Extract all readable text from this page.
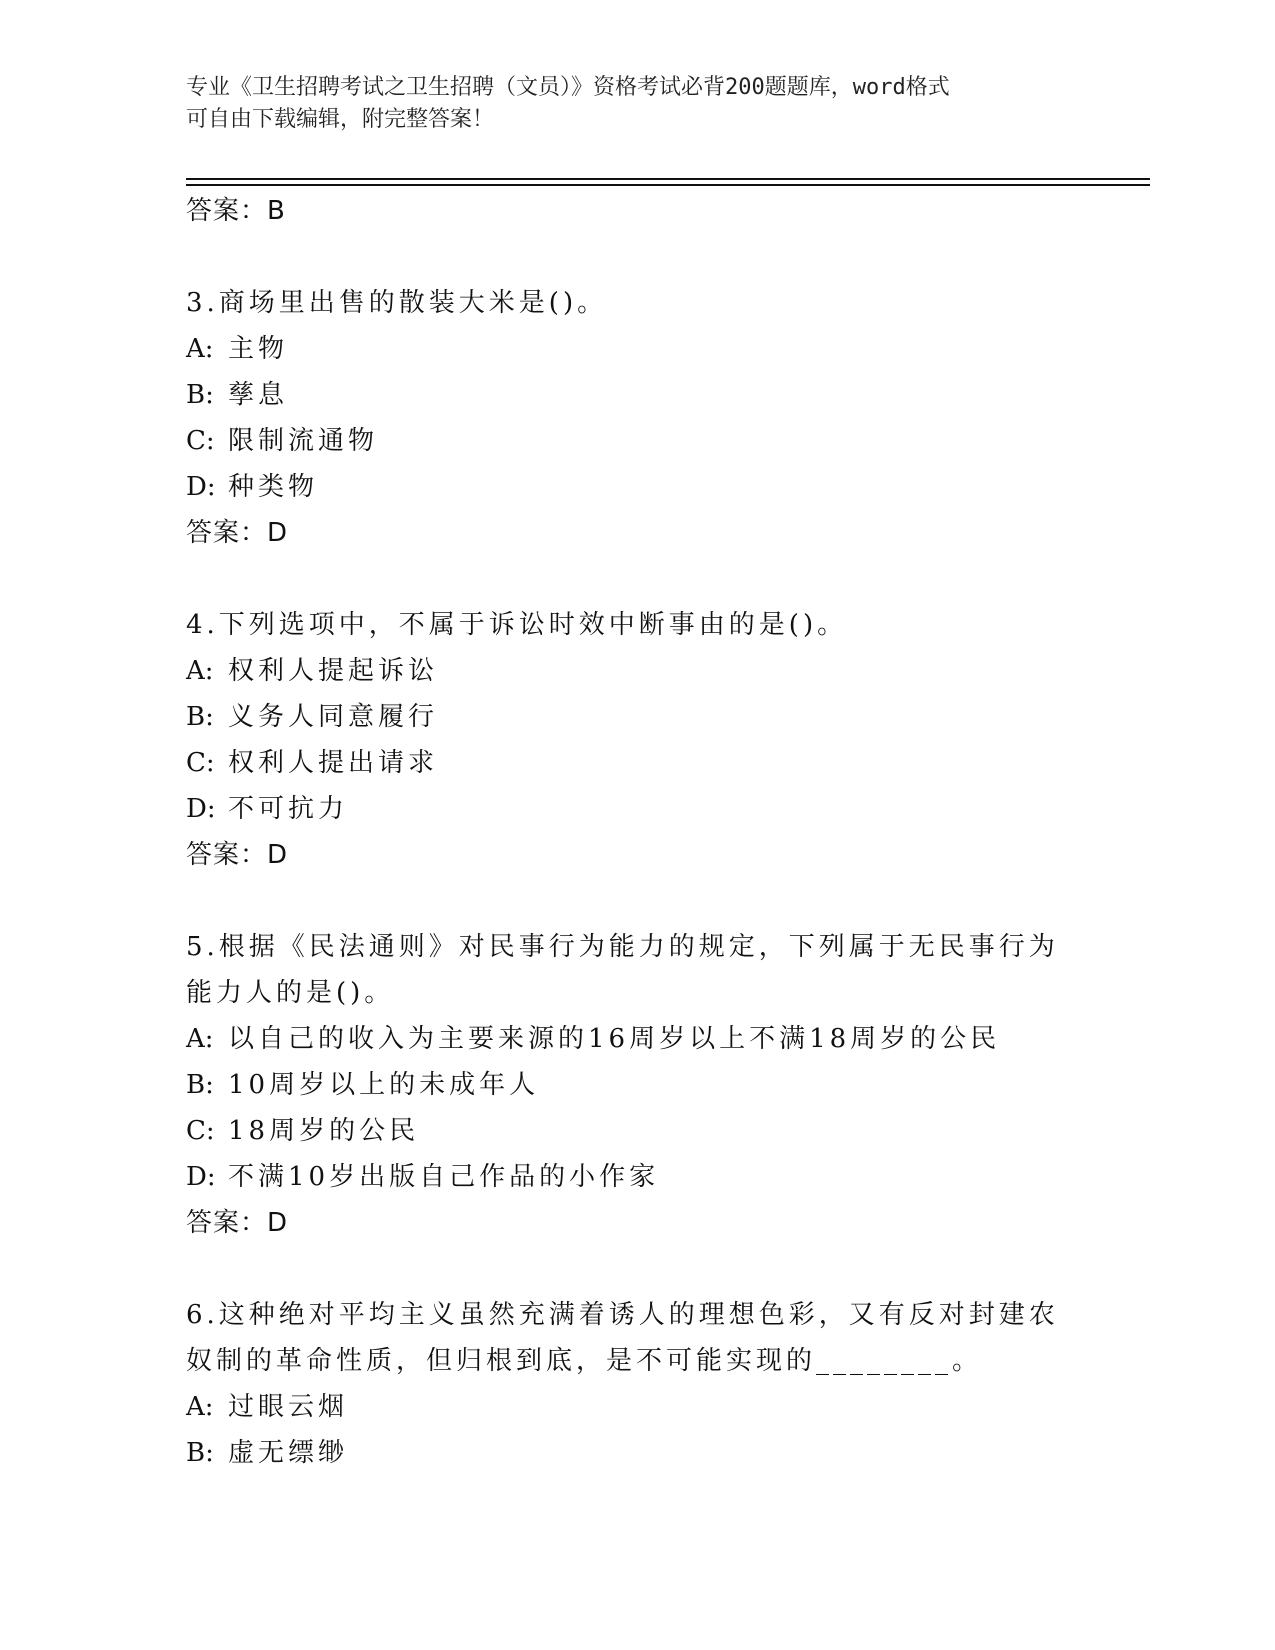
专业《卫生招聘考试之卫生招聘（文员）》资格考试必背200题题库，word格式
可自由下载编辑，附完整答案！
答案：B
3.商场里出售的散装大米是()。
A: 主物
B: 孳息
C: 限制流通物
D: 种类物
答案：D
4.下列选项中，不属于诉讼时效中断事由的是()。
A: 权利人提起诉讼
B: 义务人同意履行
C: 权利人提出请求
D: 不可抗力
答案：D
5.根据《民法通则》对民事行为能力的规定，下列属于无民事行为能力人的是()。
A: 以自己的收入为主要来源的16周岁以上不满18周岁的公民
B: 10周岁以上的未成年人
C: 18周岁的公民
D: 不满10岁出版自己作品的小作家
答案：D
6.这种绝对平均主义虽然充满着诱人的理想色彩，又有反对封建农奴制的革命性质，但归根到底，是不可能实现的________。
A: 过眼云烟
B: 虚无缥缈
